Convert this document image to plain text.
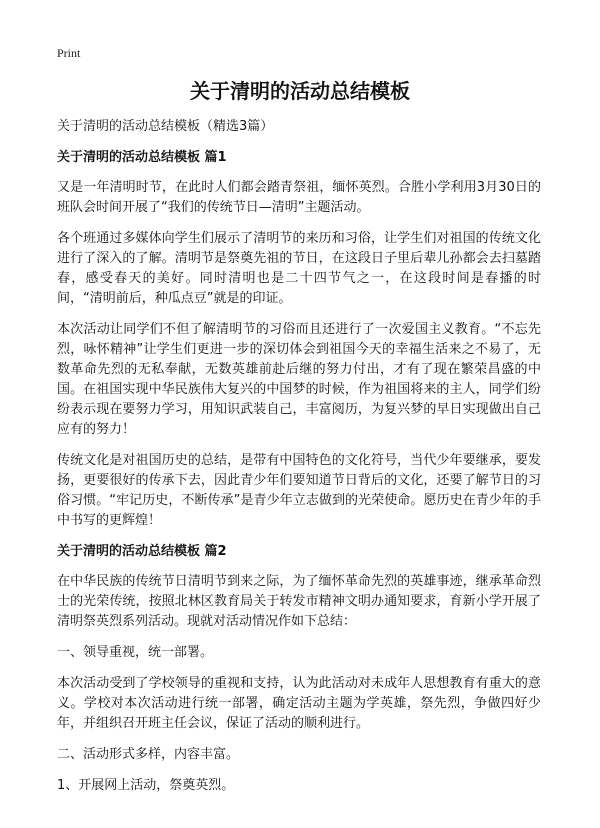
Print
关于清明的活动总结模板

关于清明的活动总结模板（精选3篇）

关于清明的活动总结模板 篇1

又是一年清明时节，在此时人们都会踏青祭祖，缅怀英烈。合胜小学利用3月30日的班队会时间开展了“我们的传统节日—清明”主题活动。

各个班通过多媒体向学生们展示了清明节的来历和习俗，让学生们对祖国的传统文化进行了深入的了解。清明节是祭奠先祖的节日，在这段日子里后辈儿孙都会去扫墓踏春，感受春天的美好。同时清明也是二十四节气之一，在这段时间是春播的时间，“清明前后，种瓜点豆”就是的印证。

本次活动让同学们不但了解清明节的习俗而且还进行了一次爱国主义教育。“不忘先烈，咏怀精神”让学生们更进一步的深切体会到祖国今天的幸福生活来之不易了，无数革命先烈的无私奉献，无数英雄前赴后继的努力付出，才有了现在繁荣昌盛的中国。在祖国实现中华民族伟大复兴的中国梦的时候，作为祖国将来的主人，同学们纷纷表示现在要努力学习，用知识武装自己，丰富阅历，为复兴梦的早日实现做出自己应有的努力！

传统文化是对祖国历史的总结，是带有中国特色的文化符号，当代少年要继承，要发扬，更要很好的传承下去，因此青少年们要知道节日背后的文化，还要了解节日的习俗习惯。“牢记历史，不断传承”是青少年立志做到的光荣使命。愿历史在青少年的手中书写的更辉煌！

关于清明的活动总结模板 篇2

在中华民族的传统节日清明节到来之际，为了缅怀革命先烈的英雄事迹，继承革命烈士的光荣传统，按照北林区教育局关于转发市精神文明办通知要求，育新小学开展了清明祭英烈系列活动。现就对活动情况作如下总结：

一、领导重视，统一部署。

本次活动受到了学校领导的重视和支持，认为此活动对未成年人思想教育有重大的意义。学校对本次活动进行统一部署，确定活动主题为学英雄，祭先烈，争做四好少年，并组织召开班主任会议，保证了活动的顺利进行。

二、活动形式多样，内容丰富。

1、开展网上活动，祭奠英烈。
